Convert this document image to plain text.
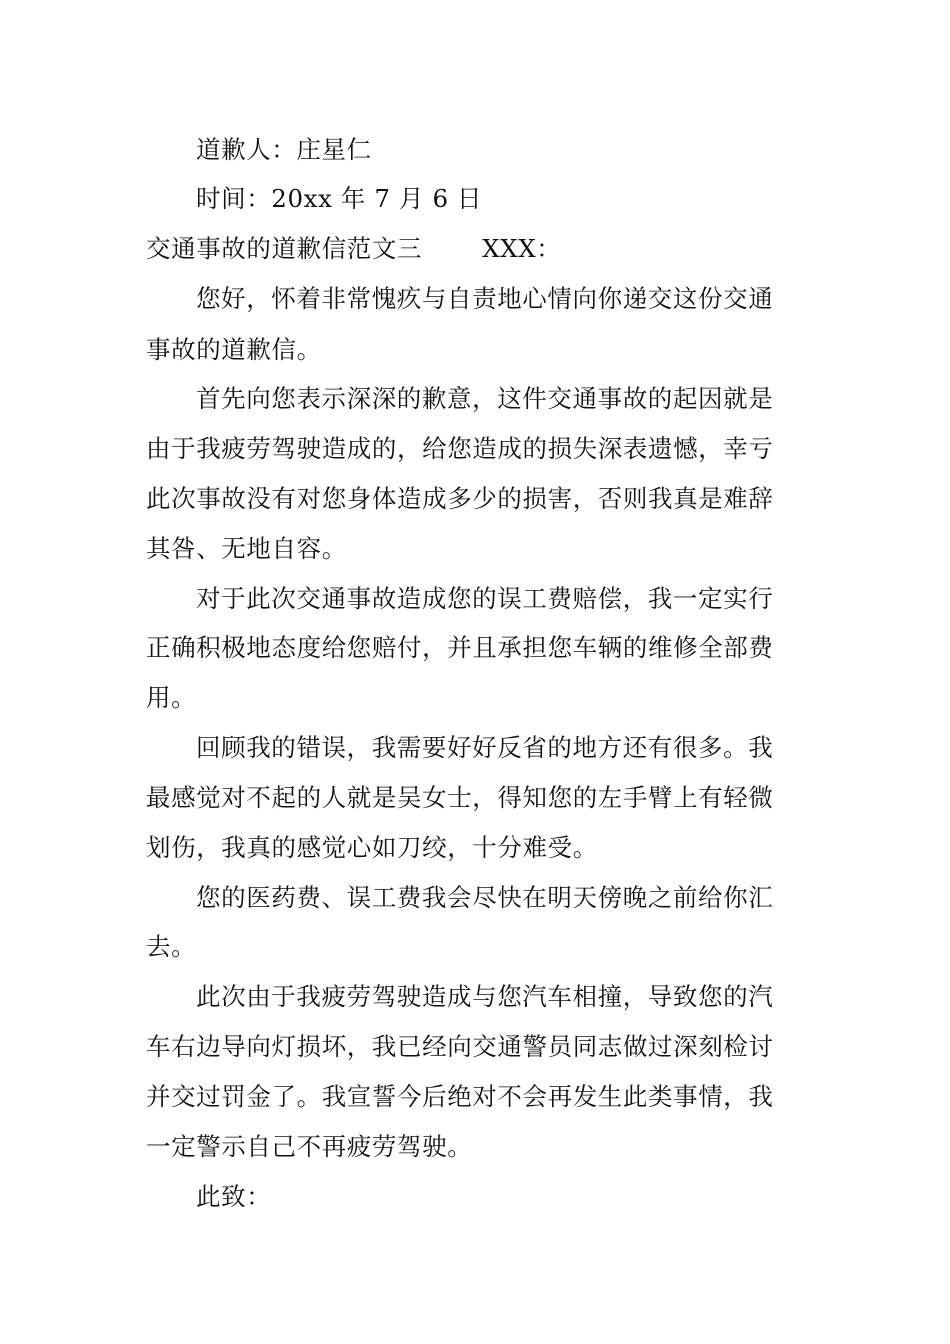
道歉人：庄星仁
时间：20xx 年 7 月 6 日
交通事故的道歉信范文三 XXX：
您好，怀着非常愧疚与自责地心情向你递交这份交通
事故的道歉信。
首先向您表示深深的歉意，这件交通事故的起因就是
由于我疲劳驾驶造成的，给您造成的损失深表遗憾，幸亏
此次事故没有对您身体造成多少的损害，否则我真是难辞
其咎、无地自容。
对于此次交通事故造成您的误工费赔偿，我一定实行
正确积极地态度给您赔付，并且承担您车辆的维修全部费
用。
回顾我的错误，我需要好好反省的地方还有很多。我
最感觉对不起的人就是吴女士，得知您的左手臂上有轻微
划伤，我真的感觉心如刀绞，十分难受。
您的医药费、误工费我会尽快在明天傍晚之前给你汇
去。
此次由于我疲劳驾驶造成与您汽车相撞，导致您的汽
车右边导向灯损坏，我已经向交通警员同志做过深刻检讨
并交过罚金了。我宣誓今后绝对不会再发生此类事情，我
一定警示自己不再疲劳驾驶。
此致：
